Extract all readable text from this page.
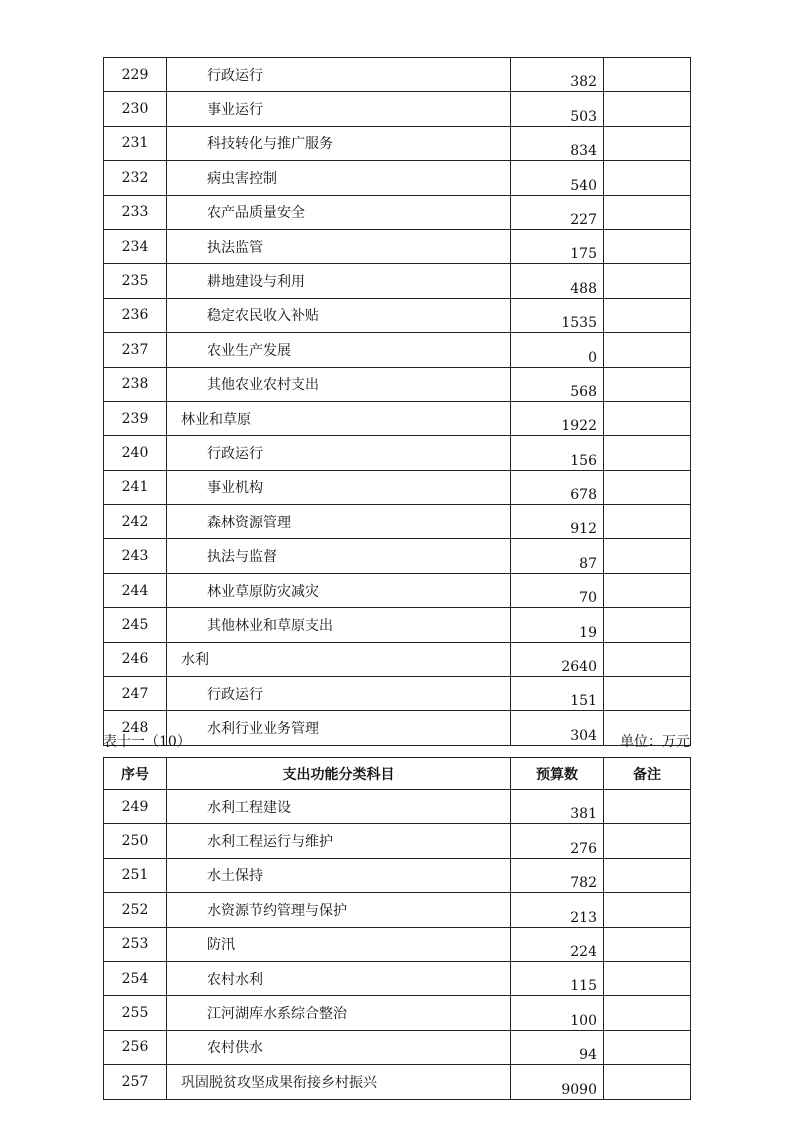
229	行政运行	382	
230	事业运行	503	
231	科技转化与推广服务	834	
232	病虫害控制	540	
233	农产品质量安全	227	
234	执法监管	175	
235	耕地建设与利用	488	
236	稳定农民收入补贴	1535	
237	农业生产发展	0	
238	其他农业农村支出	568	
239	林业和草原	1922	
240	行政运行	156	
241	事业机构	678	
242	森林资源管理	912	
243	执法与监督	87	
244	林业草原防灾减灾	70	
245	其他林业和草原支出	19	
246	水利	2640	
247	行政运行	151	
248	水利行业业务管理	304	
表十一（10）	单位：万元
序号	支出功能分类科目	预算数	备注
249	水利工程建设	381	
250	水利工程运行与维护	276	
251	水土保持	782	
252	水资源节约管理与保护	213	
253	防汛	224	
254	农村水利	115	
255	江河湖库水系综合整治	100	
256	农村供水	94	
257	巩固脱贫攻坚成果衔接乡村振兴	9090	
